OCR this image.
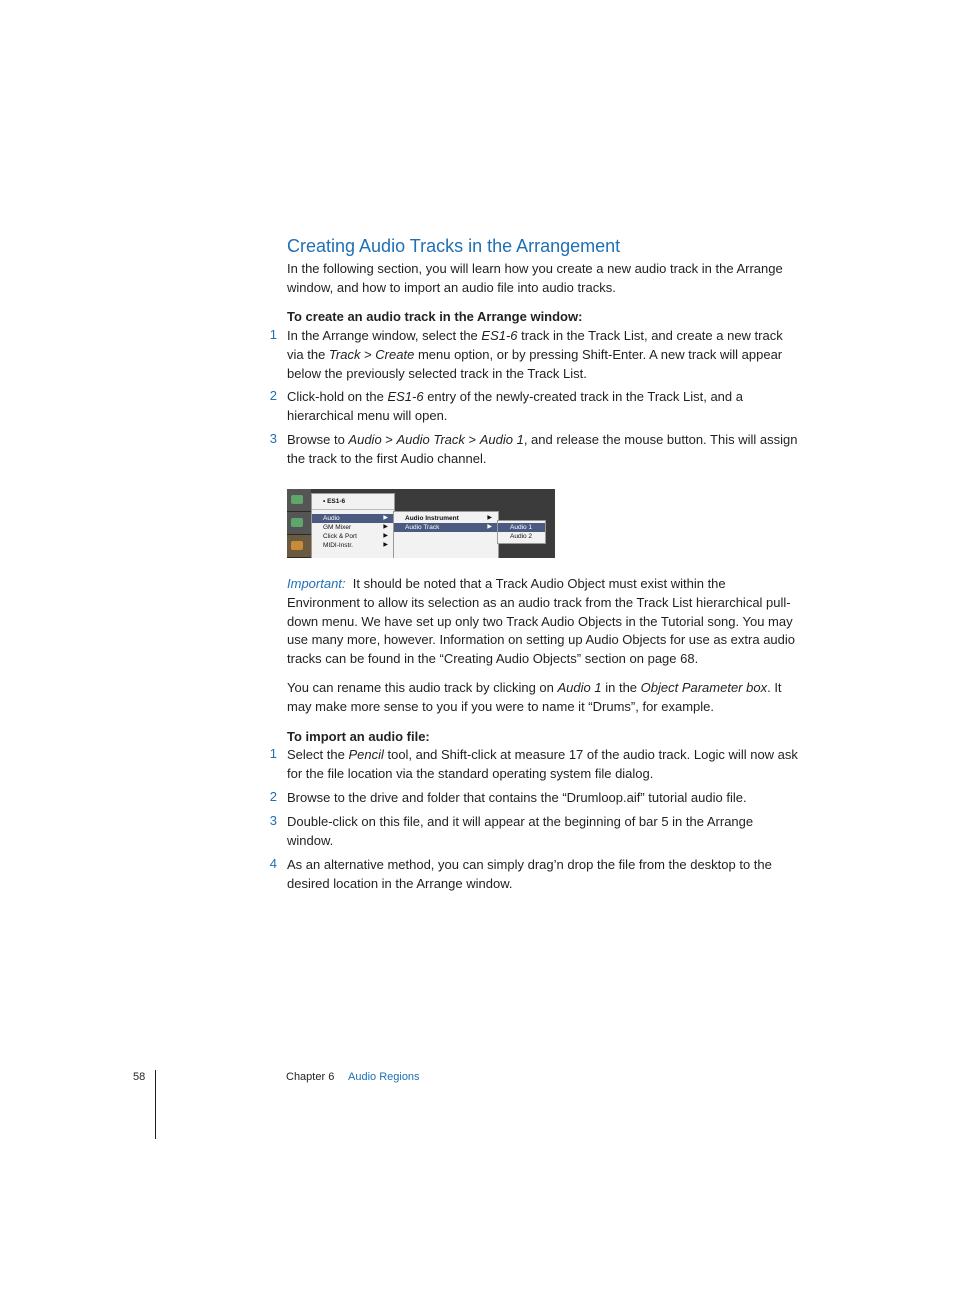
Creating Audio Tracks in the Arrangement
In the following section, you will learn how you create a new audio track in the Arrange window, and how to import an audio file into audio tracks.
To create an audio track in the Arrange window:
1 In the Arrange window, select the ES1-6 track in the Track List, and create a new track via the Track > Create menu option, or by pressing Shift-Enter. A new track will appear below the previously selected track in the Track List.
2 Click-hold on the ES1-6 entry of the newly-created track in the Track List, and a hierarchical menu will open.
3 Browse to Audio > Audio Track > Audio 1, and release the mouse button. This will assign the track to the first Audio channel.
• ES1-6
Audio	▶
GM Mixer	▶
Click & Port	▶
MIDI-Instr.	▶
Audio Instrument	▶
Audio Track	▶	Audio 1
Audio 2
Important: It should be noted that a Track Audio Object must exist within the Environment to allow its selection as an audio track from the Track List hierarchical pull-down menu. We have set up only two Track Audio Objects in the Tutorial song. You may use many more, however. Information on setting up Audio Objects for use as extra audio tracks can be found in the “Creating Audio Objects” section on page 68.
You can rename this audio track by clicking on Audio 1 in the Object Parameter box. It may make more sense to you if you were to name it “Drums”, for example.
To import an audio file:
1 Select the Pencil tool, and Shift-click at measure 17 of the audio track. Logic will now ask for the file location via the standard operating system file dialog.
2 Browse to the drive and folder that contains the “Drumloop.aif” tutorial audio file.
3 Double-click on this file, and it will appear at the beginning of bar 5 in the Arrange window.
4 As an alternative method, you can simply drag’n drop the file from the desktop to the desired location in the Arrange window.
58	Chapter 6 Audio Regions
